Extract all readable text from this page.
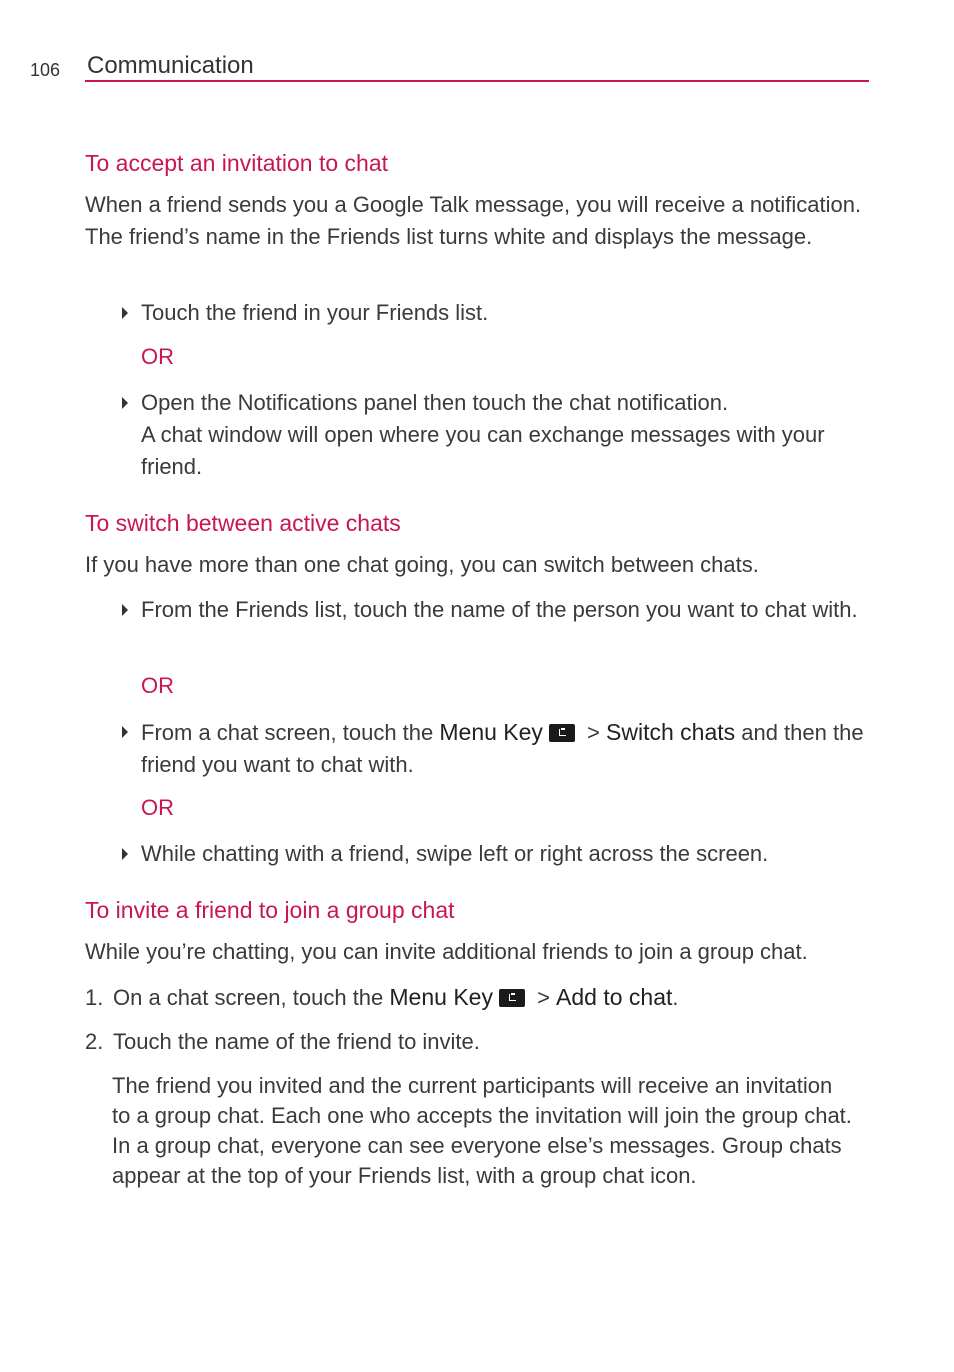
106 Communication
To accept an invitation to chat
When a friend sends you a Google Talk message, you will receive a notification. The friend’s name in the Friends list turns white and displays the message.
Touch the friend in your Friends list.
OR
Open the Notifications panel then touch the chat notification.
A chat window will open where you can exchange messages with your friend.
To switch between active chats
If you have more than one chat going, you can switch between chats.
From the Friends list, touch the name of the person you want to chat with.
OR
From a chat screen, touch the Menu Key > Switch chats and then the friend you want to chat with.
OR
While chatting with a friend, swipe left or right across the screen.
To invite a friend to join a group chat
While you’re chatting, you can invite additional friends to join a group chat.
1. On a chat screen, touch the Menu Key > Add to chat.
2. Touch the name of the friend to invite.
The friend you invited and the current participants will receive an invitation to a group chat. Each one who accepts the invitation will join the group chat. In a group chat, everyone can see everyone else’s messages. Group chats appear at the top of your Friends list, with a group chat icon.
